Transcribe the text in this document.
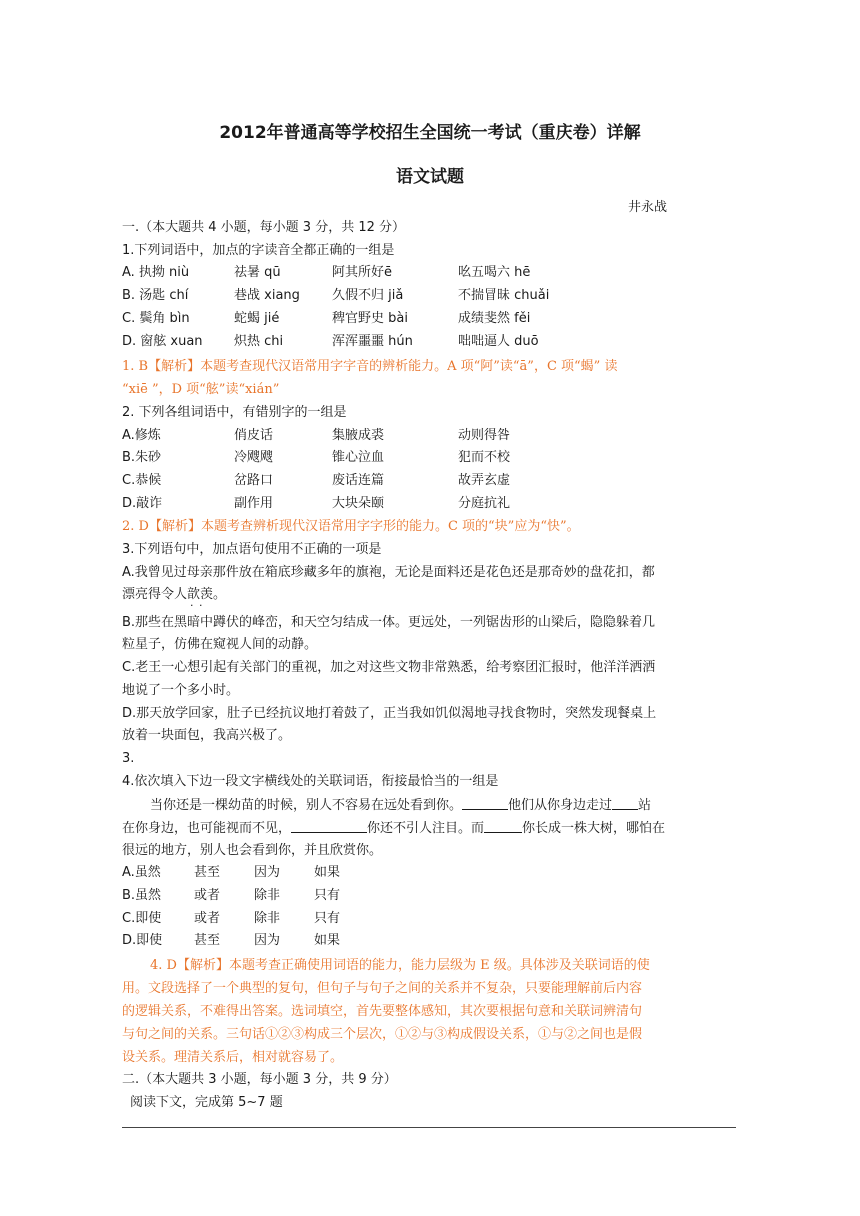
2012年普通高等学校招生全国统一考试（重庆卷）详解
语文试题
井永战
一.（本大题共 4 小题，每小题 3 分，共 12 分）
1.下列词语中，加点的字读音全都正确的一组是
A. 执拗 niù	祛暑 qū	阿其所好ē	吆五喝六 hē
B. 汤匙 chí	巷战 xiang 久假不归 jiǎ	不揣冒昧 chuǎi
C. 鬓角 bìn	蛇蝎 jié	稗官野史 bài	成绩斐然 fěi
D. 窗舷 xuan 炽热 chi	浑浑噩噩 hún	咄咄逼人 duō
1. B【解析】本题考查现代汉语常用字字音的辨析能力。A 项“阿”读“ā”，C 项“蝎” 读
“xiē ”，D 项“舷”读“xián”
2. 下列各组词语中，有错别字的一组是
A.修炼	俏皮话	集腋成裘	动则得咎
B.朱砂	冷飕飕	锥心泣血	犯而不校
C.恭候	岔路口	废话连篇	故弄玄虚
D.敲诈	副作用	大块朵颐	分庭抗礼
2. D【解析】本题考查辨析现代汉语常用字字形的能力。C 项的“块”应为“快”。
3.下列语句中，加点语句使用不正确的一项是
A.我曾见过母亲那件放在箱底珍藏多年的旗袍，无论是面料还是花色还是那奇妙的盘花扣，都
漂亮得令人歆羡 · ·。
B.那些在黑暗中蹲伏的峰峦，和天空匀结成一体。更远处，一列锯齿形的山梁后，隐隐躲着几
粒星子，仿佛在窥视人间的动静。
C.老王一心想引起有关部门的重视，加之对这些文物非常熟悉，给考察团汇报时，他洋洋洒洒
地说了一个多小时。
D.那天放学回家，肚子已经抗议地打着鼓了，正当我如饥似渴地寻找食物时，突然发现餐桌上
放着一块面包，我高兴极了。
3.
4.依次填入下边一段文字横线处的关联词语，衔接最恰当的一组是
当你还是一棵幼苗的时候，别人不容易在远处看到你。	他们从你身边走过 站
在你身边，也可能视而不见，	你还不引人注目。而	你长成一株大树，哪怕在
很远的地方，别人也会看到你，并且欣赏你。
A.虽然	甚至	因为	如果
B.虽然	或者	除非	只有
C.即使	或者	除非	只有
D.即使 甚至	因为	如果
4. D【解析】本题考查正确使用词语的能力，能力层级为 E 级。具体涉及关联词语的使
用。文段选择了一个典型的复句，但句子与句子之间的关系并不复杂，只要能理解前后内容
的逻辑关系，不难得出答案。选词填空，首先要整体感知，其次要根据句意和关联词辨清句
与句之间的关系。三句话①②③构成三个层次，①②与③构成假设关系，①与②之间也是假
设关系。理清关系后，相对就容易了。
二.（本大题共 3 小题，每小题 3 分，共 9 分）
阅读下文，完成第 5~7 题
